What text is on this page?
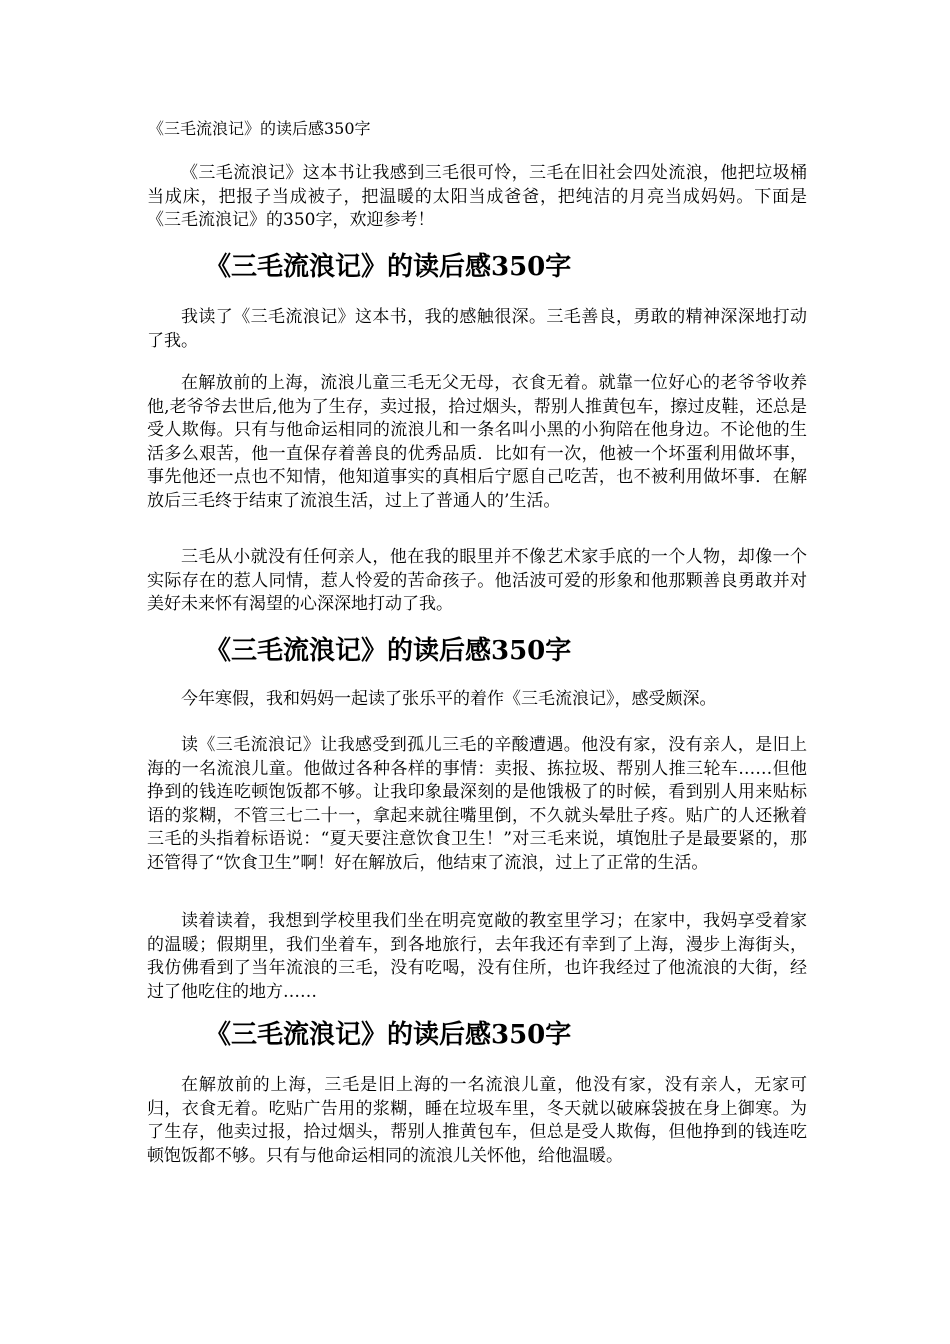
《三毛流浪记》的读后感350字

《三毛流浪记》这本书让我感到三毛很可怜，三毛在旧社会四处流浪，他把垃圾桶当成床，把报子当成被子，把温暖的太阳当成爸爸，把纯洁的月亮当成妈妈。下面是《三毛流浪记》的350字，欢迎参考！

《三毛流浪记》的读后感350字

我读了《三毛流浪记》这本书，我的感触很深。三毛善良，勇敢的精神深深地打动了我。

在解放前的上海，流浪儿童三毛无父无母，衣食无着。就靠一位好心的老爷爷收养他,老爷爷去世后,他为了生存，卖过报，拾过烟头，帮别人推黄包车，擦过皮鞋，还总是受人欺侮。只有与他命运相同的流浪儿和一条名叫小黑的小狗陪在他身边。不论他的生活多么艰苦，他一直保存着善良的优秀品质．比如有一次，他被一个坏蛋利用做坏事，事先他还一点也不知情，他知道事实的真相后宁愿自己吃苦，也不被利用做坏事．在解放后三毛终于结束了流浪生活，过上了普通人的’生活。

三毛从小就没有任何亲人，他在我的眼里并不像艺术家手底的一个人物，却像一个实际存在的惹人同情，惹人怜爱的苦命孩子。他活波可爱的形象和他那颗善良勇敢并对美好未来怀有渴望的心深深地打动了我。

《三毛流浪记》的读后感350字

今年寒假，我和妈妈一起读了张乐平的着作《三毛流浪记》，感受颇深。

读《三毛流浪记》让我感受到孤儿三毛的辛酸遭遇。他没有家，没有亲人，是旧上海的一名流浪儿童。他做过各种各样的事情：卖报、拣拉圾、帮别人推三轮车……但他挣到的钱连吃顿饱饭都不够。让我印象最深刻的是他饿极了的时候，看到别人用来贴标语的浆糊，不管三七二十一，拿起来就往嘴里倒，不久就头晕肚子疼。贴广的人还揪着三毛的头指着标语说：“夏天要注意饮食卫生！”对三毛来说，填饱肚子是最要紧的，那还管得了“饮食卫生”啊！好在解放后，他结束了流浪，过上了正常的生活。

读着读着，我想到学校里我们坐在明亮宽敞的教室里学习；在家中，我妈享受着家的温暖；假期里，我们坐着车，到各地旅行，去年我还有幸到了上海，漫步上海街头，我仿佛看到了当年流浪的三毛，没有吃喝，没有住所，也许我经过了他流浪的大街，经过了他吃住的地方……

《三毛流浪记》的读后感350字

在解放前的上海，三毛是旧上海的一名流浪儿童，他没有家，没有亲人，无家可归，衣食无着。吃贴广告用的浆糊，睡在垃圾车里，冬天就以破麻袋披在身上御寒。为了生存，他卖过报，拾过烟头，帮别人推黄包车，但总是受人欺侮，但他挣到的钱连吃顿饱饭都不够。只有与他命运相同的流浪儿关怀他，给他温暖。
